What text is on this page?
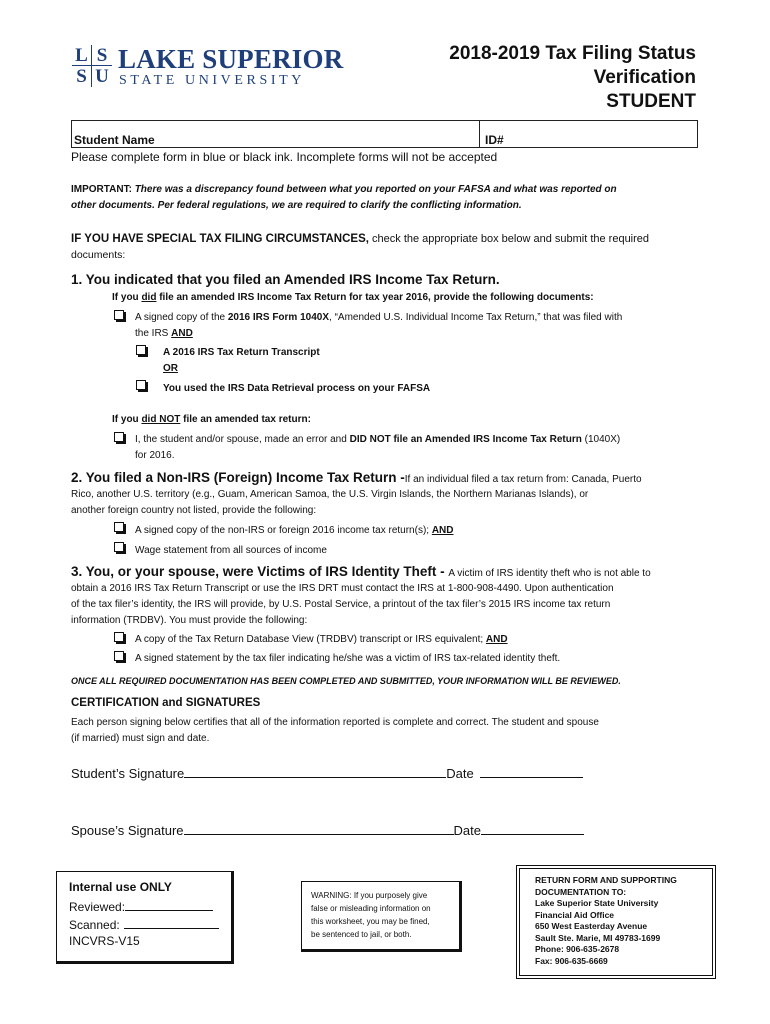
L S
S U
LAKE SUPERIOR
STATE UNIVERSITY
2018-2019 Tax Filing Status
Verification
STUDENT
Student Name	ID#
Please complete form in blue or black ink. Incomplete forms will not be accepted
IMPORTANT: There was a discrepancy found between what you reported on your FAFSA and what was reported on
other documents. Per federal regulations, we are required to clarify the conflicting information.
IF YOU HAVE SPECIAL TAX FILING CIRCUMSTANCES, check the appropriate box below and submit the required
documents:
1. You indicated that you filed an Amended IRS Income Tax Return.
If you did file an amended IRS Income Tax Return for tax year 2016, provide the following documents:
A signed copy of the 2016 IRS Form 1040X, “Amended U.S. Individual Income Tax Return,” that was filed with
the IRS AND
A 2016 IRS Tax Return Transcript
OR
You used the IRS Data Retrieval process on your FAFSA
If you did NOT file an amended tax return:
I, the student and/or spouse, made an error and DID NOT file an Amended IRS Income Tax Return (1040X)
for 2016.
2. You filed a Non-IRS (Foreign) Income Tax Return -If an individual filed a tax return from: Canada, Puerto
Rico, another U.S. territory (e.g., Guam, American Samoa, the U.S. Virgin Islands, the Northern Marianas Islands), or
another foreign country not listed, provide the following:
A signed copy of the non-IRS or foreign 2016 income tax return(s); AND
Wage statement from all sources of income
3. You, or your spouse, were Victims of IRS Identity Theft - A victim of IRS identity theft who is not able to
obtain a 2016 IRS Tax Return Transcript or use the IRS DRT must contact the IRS at 1-800-908-4490. Upon authentication
of the tax filer’s identity, the IRS will provide, by U.S. Postal Service, a printout of the tax filer’s 2015 IRS income tax return
information (TRDBV). You must provide the following:
A copy of the Tax Return Database View (TRDBV) transcript or IRS equivalent; AND
A signed statement by the tax filer indicating he/she was a victim of IRS tax-related identity theft.
ONCE ALL REQUIRED DOCUMENTATION HAS BEEN COMPLETED AND SUBMITTED, YOUR INFORMATION WILL BE REVIEWED.
CERTIFICATION and SIGNATURES
Each person signing below certifies that all of the information reported is complete and correct. The student and spouse
(if married) must sign and date.
Student’s Signature	Date
Spouse’s Signature	Date
Internal use ONLY
Reviewed:
Scanned:
INCVRS-V15
WARNING: If you purposely give
false or misleading information on
this worksheet, you may be fined,
be sentenced to jail, or both.
RETURN FORM AND SUPPORTING
DOCUMENTATION TO:
Lake Superior State University
Financial Aid Office
650 West Easterday Avenue
Sault Ste. Marie, MI 49783-1699
Phone: 906-635-2678
Fax: 906-635-6669
